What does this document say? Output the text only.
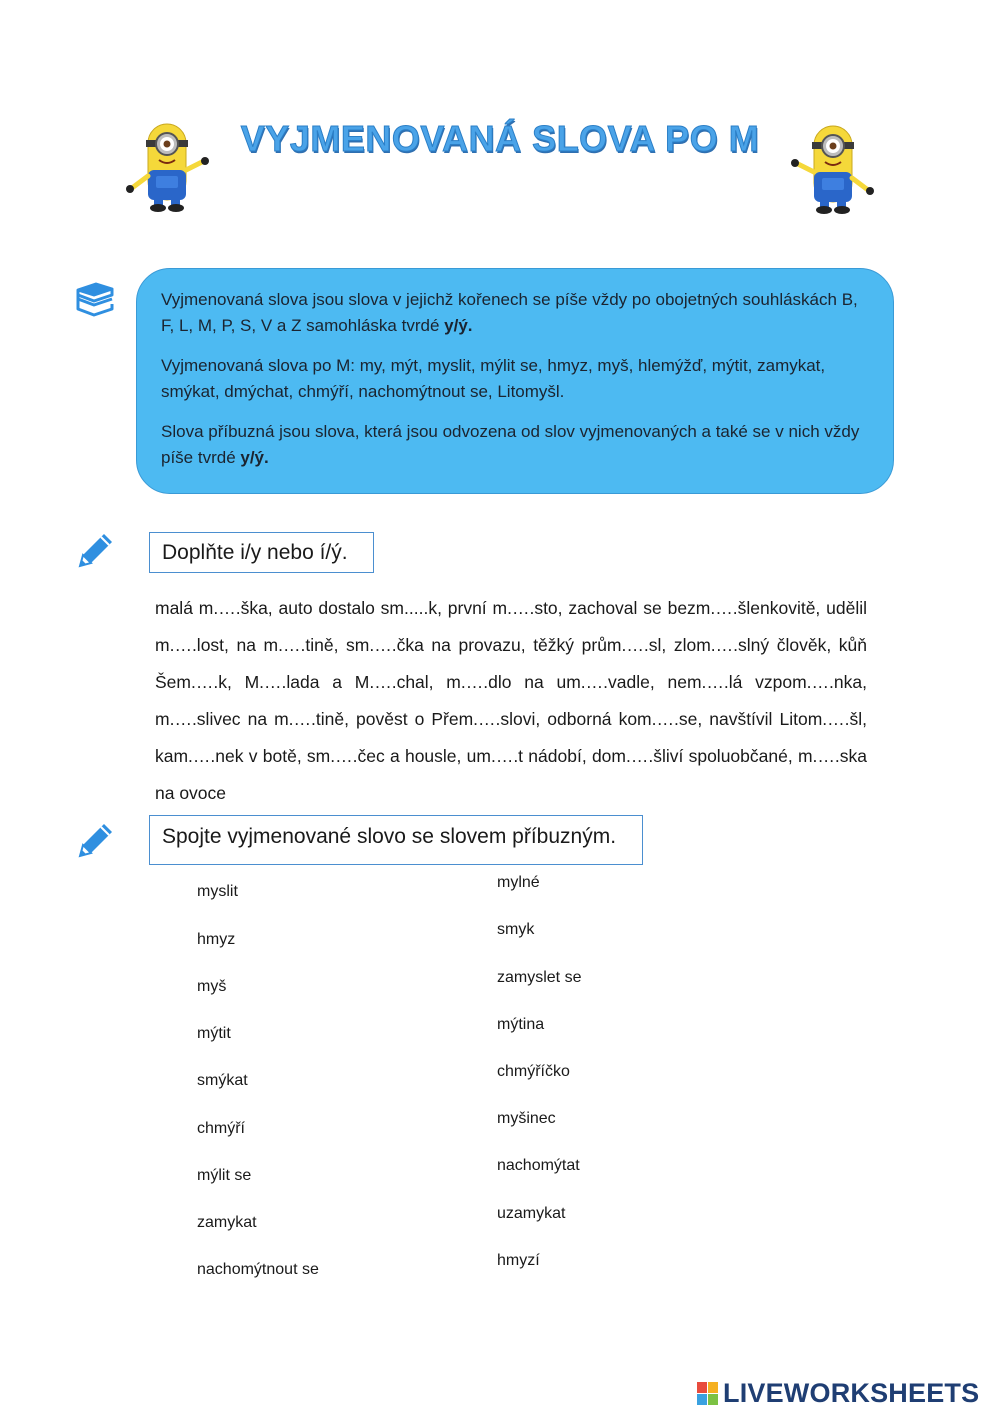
VYJMENOVANÁ SLOVA PO M

Vyjmenovaná slova jsou slova v jejichž kořenech se píše vždy po obojetných souhláskách B, F, L, M, P, S, V a Z samohláska tvrdé y/ý.

Vyjmenovaná slova po M: my, mýt, myslit, mýlit se, hmyz, myš, hlemýžď, mýtit, zamykat, smýkat, dmýchat, chmýří, nachomýtnout se, Litomyšl.

Slova příbuzná jsou slova, která jsou odvozena od slov vyjmenovaných a také se v nich vždy píše tvrdé y/ý.

Doplňte i/y nebo í/ý.
malá m.….ška, auto dostalo sm.....k, první m.….sto, zachoval se bezm.….šlenkovitě, udělil m.….lost, na m.….tině, sm.….čka na provazu, těžký prům.….sl, zlom.….slný člověk, kůň Šem.….k, M.….lada a M.….chal, m.….dlo na um.….vadle, nem.….lá vzpom.….nka, m.….slivec na m.….tině, pověst o Přem.….slovi, odborná kom.….se, navštívil Litom.….šl, kam.….nek v botě, sm.….čec a housle, um.….t nádobí, dom.….šliví spoluobčané, m.….ska na ovoce
Spojte vyjmenované slovo se slovem příbuzným.
myslit
hmyz
myš
mýtit
smýkat
chmýří
mýlit se
zamykat
nachomýtnout se
mylné
smyk
zamyslet se
mýtina
chmýříčko
myšinec
nachomýtat
uzamykat
hmyzí
LIVEWORKSHEETS
